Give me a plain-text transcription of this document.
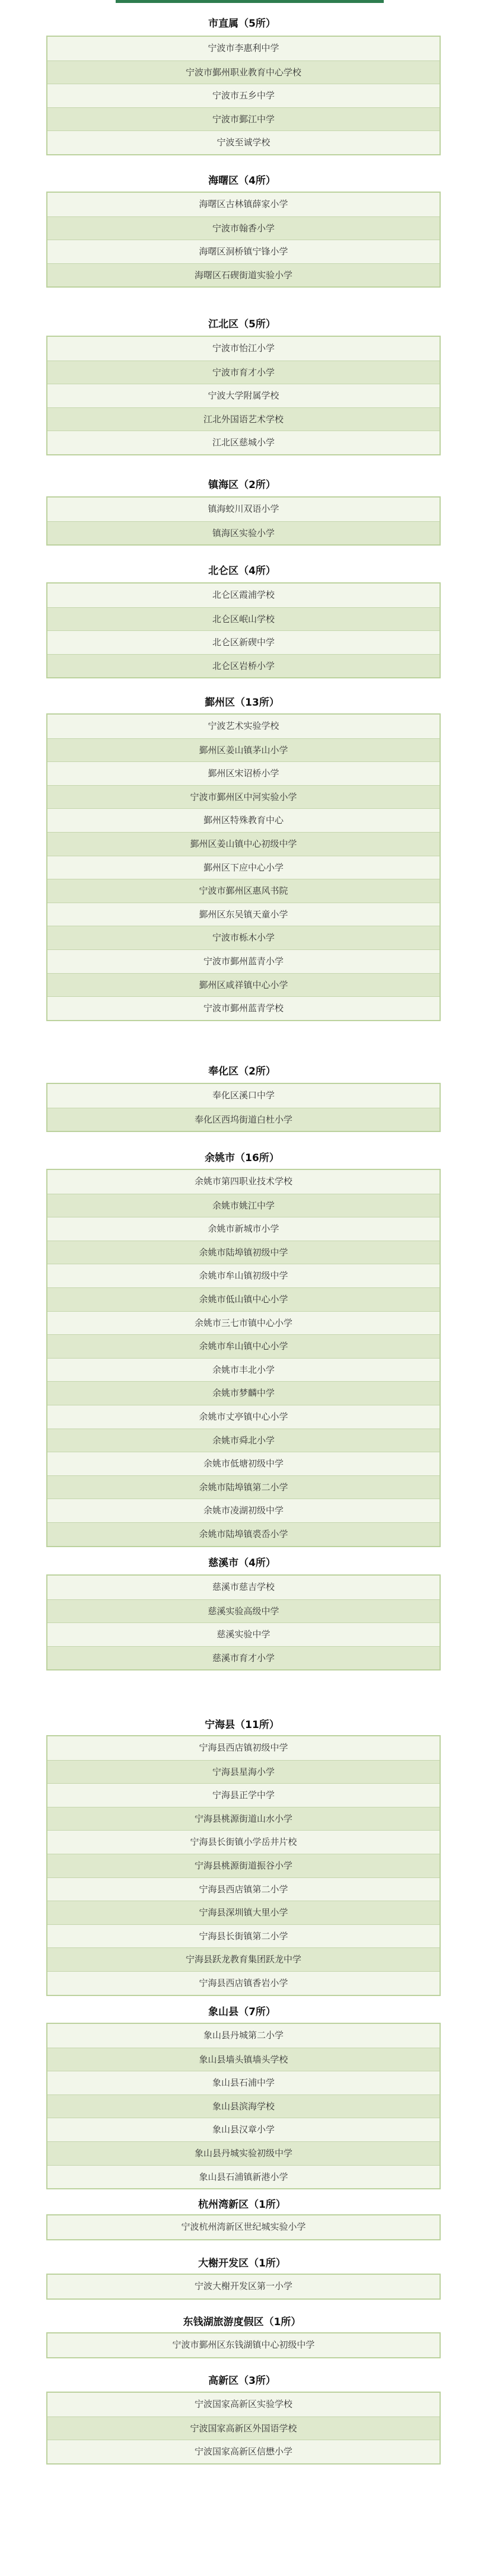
市直属（5所）
宁波市李惠利中学
宁波市鄞州职业教育中心学校
宁波市五乡中学
宁波市鄞江中学
宁波至诚学校
海曙区（4所）
海曙区古林镇薛家小学
宁波市翰香小学
海曙区洞桥镇宁锋小学
海曙区石碶街道实验小学
江北区（5所）
宁波市怡江小学
宁波市育才小学
宁波大学附属学校
江北外国语艺术学校
江北区慈城小学
镇海区（2所）
镇海蛟川双语小学
镇海区实验小学
北仑区（4所）
北仑区霞浦学校
北仑区岷山学校
北仑区新碶中学
北仑区岩桥小学
鄞州区（13所）
宁波艺术实验学校
鄞州区姜山镇茅山小学
鄞州区宋诏桥小学
宁波市鄞州区中河实验小学
鄞州区特殊教育中心
鄞州区姜山镇中心初级中学
鄞州区下应中心小学
宁波市鄞州区惠风书院
鄞州区东吴镇天童小学
宁波市栎木小学
宁波市鄞州蓝青小学
鄞州区咸祥镇中心小学
宁波市鄞州蓝青学校
奉化区（2所）
奉化区溪口中学
奉化区西坞街道白杜小学
余姚市（16所）
余姚市第四职业技术学校
余姚市姚江中学
余姚市新城市小学
余姚市陆埠镇初级中学
余姚市牟山镇初级中学
余姚市低山镇中心小学
余姚市三七市镇中心小学
余姚市牟山镇中心小学
余姚市丰北小学
余姚市梦麟中学
余姚市丈亭镇中心小学
余姚市舜北小学
余姚市低塘初级中学
余姚市陆埠镇第二小学
余姚市凌湖初级中学
余姚市陆埠镇裘岙小学
慈溪市（4所）
慈溪市慈吉学校
慈溪实验高级中学
慈溪实验中学
慈溪市育才小学
宁海县（11所）
宁海县西店镇初级中学
宁海县星海小学
宁海县正学中学
宁海县桃源街道山水小学
宁海县长街镇小学岳井片校
宁海县桃源街道振谷小学
宁海县西店镇第二小学
宁海县深圳镇大里小学
宁海县长街镇第二小学
宁海县跃龙教育集团跃龙中学
宁海县西店镇香岩小学
象山县（7所）
象山县丹城第二小学
象山县墙头镇墙头学校
象山县石浦中学
象山县滨海学校
象山县汉章小学
象山县丹城实验初级中学
象山县石浦镇新港小学
杭州湾新区（1所）
宁波杭州湾新区世纪城实验小学
大榭开发区（1所）
宁波大榭开发区第一小学
东钱湖旅游度假区（1所）
宁波市鄞州区东钱湖镇中心初级中学
高新区（3所）
宁波国家高新区实验学校
宁波国家高新区外国语学校
宁波国家高新区信懋小学
